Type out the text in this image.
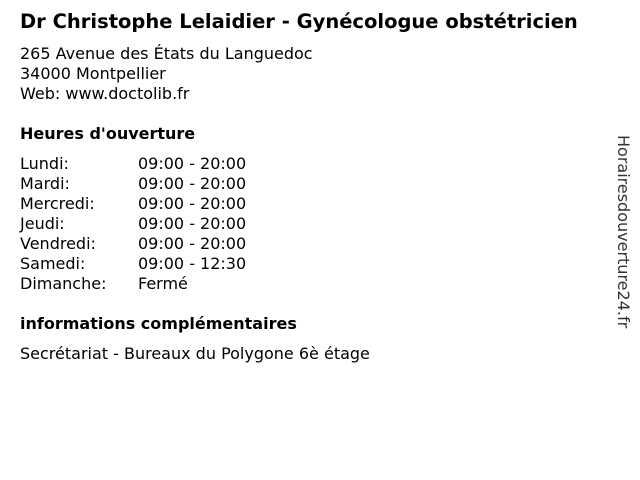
Dr Christophe Lelaidier - Gynécologue obstétricien
265 Avenue des États du Languedoc
34000 Montpellier
Web: www.doctolib.fr
Heures d'ouverture
Lundi:	09:00 - 20:00
Mardi:	09:00 - 20:00
Mercredi:	09:00 - 20:00
Jeudi:	09:00 - 20:00
Vendredi:	09:00 - 20:00
Samedi:	09:00 - 12:30
Dimanche:	Fermé
informations complémentaires
Secrétariat - Bureaux du Polygone 6è étage
Horairesdouverture24.fr
